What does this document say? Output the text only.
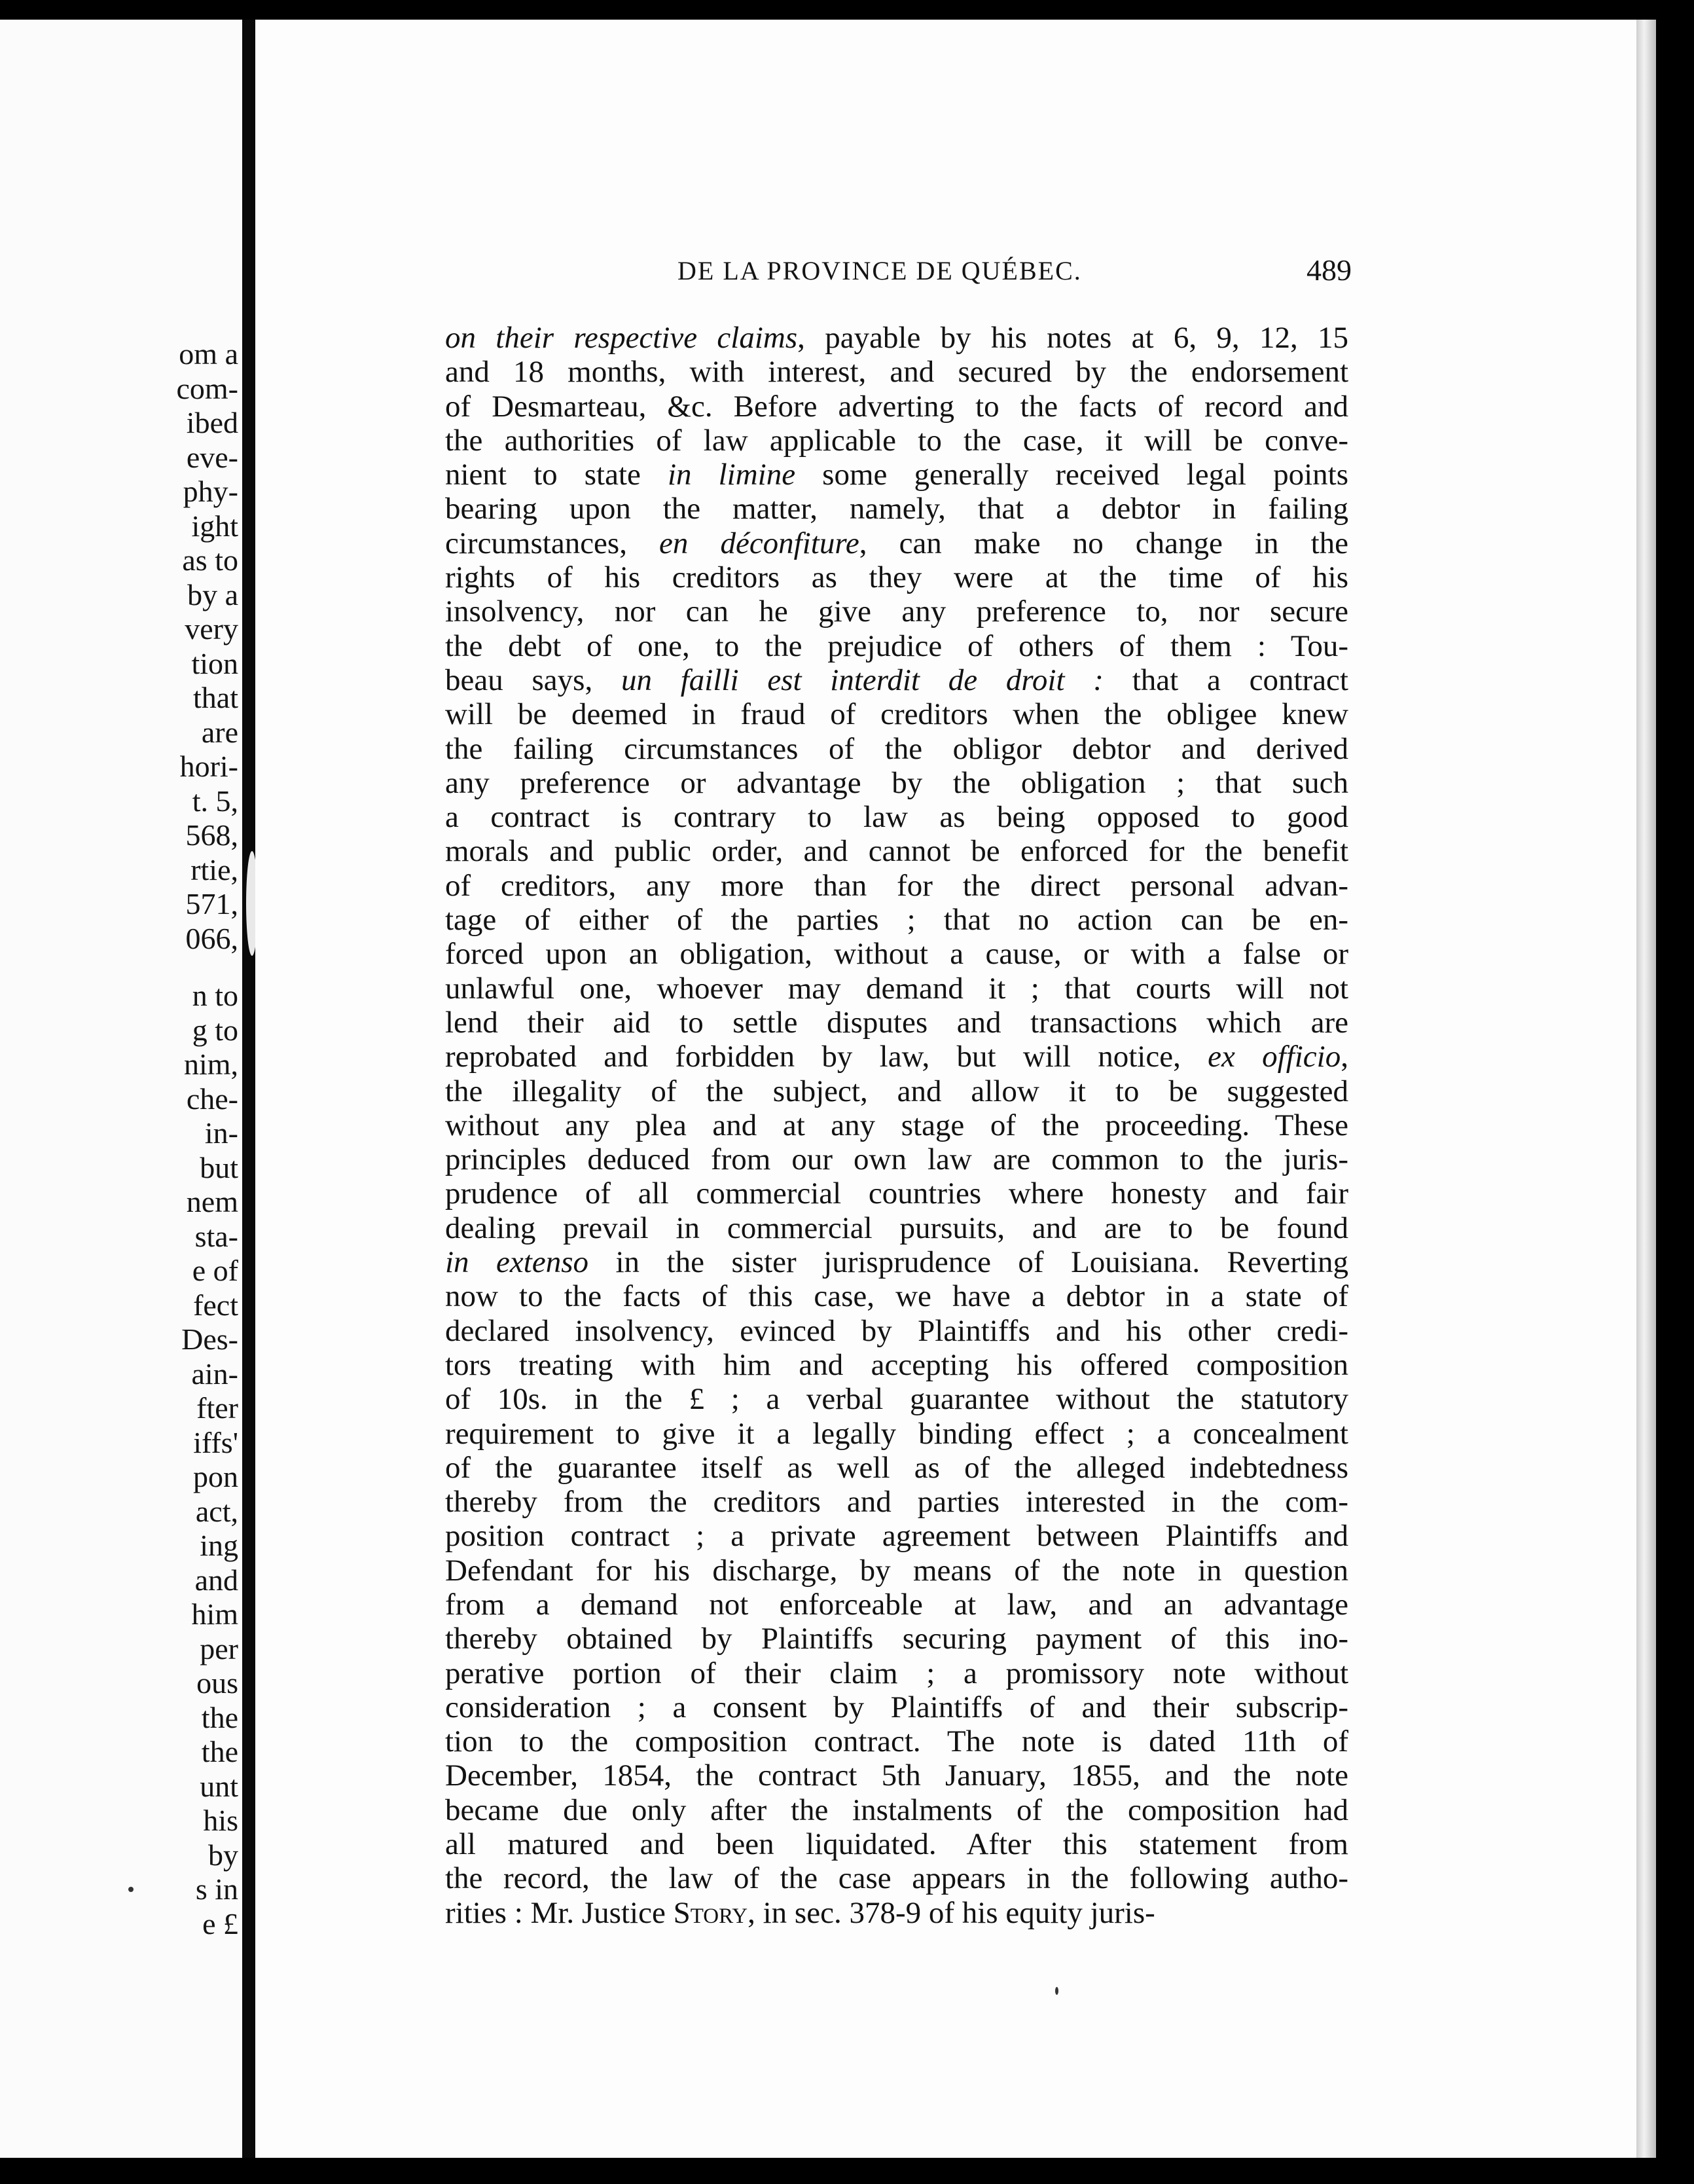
om a
com-
ibed
eve-
phy-
ight
as to
by a
very
tion
that
are
hori-
t. 5,
568,
rtie,
571,
066,
n to
g to
nim,
che-
in-
but
nem
sta-
e of
fect
Des-
ain-
fter
iffs'
pon
act,
ing
and
him
per
ous
the
the
unt
his
by
s in
e £
DE LA PROVINCE DE QUÉBEC.	489
on their respective claims, payable by his notes at 6, 9, 12, 15
and 18 months, with interest, and secured by the endorsement
of Desmarteau, &c. Before adverting to the facts of record and
the authorities of law applicable to the case, it will be conve-
nient to state in limine some generally received legal points
bearing upon the matter, namely, that a debtor in failing
circumstances, en déconfiture, can make no change in the
rights of his creditors as they were at the time of his
insolvency, nor can he give any preference to, nor secure
the debt of one, to the prejudice of others of them : Tou-
beau says, un failli est interdit de droit : that a contract
will be deemed in fraud of creditors when the obligee knew
the failing circumstances of the obligor debtor and derived
any preference or advantage by the obligation ; that such
a contract is contrary to law as being opposed to good
morals and public order, and cannot be enforced for the benefit
of creditors, any more than for the direct personal advan-
tage of either of the parties ; that no action can be en-
forced upon an obligation, without a cause, or with a false or
unlawful one, whoever may demand it ; that courts will not
lend their aid to settle disputes and transactions which are
reprobated and forbidden by law, but will notice, ex officio,
the illegality of the subject, and allow it to be suggested
without any plea and at any stage of the proceeding. These
principles deduced from our own law are common to the juris-
prudence of all commercial countries where honesty and fair
dealing prevail in commercial pursuits, and are to be found
in extenso in the sister jurisprudence of Louisiana. Reverting
now to the facts of this case, we have a debtor in a state of
declared insolvency, evinced by Plaintiffs and his other credi-
tors treating with him and accepting his offered composition
of 10s. in the £ ; a verbal guarantee without the statutory
requirement to give it a legally binding effect ; a concealment
of the guarantee itself as well as of the alleged indebtedness
thereby from the creditors and parties interested in the com-
position contract ; a private agreement between Plaintiffs and
Defendant for his discharge, by means of the note in question
from a demand not enforceable at law, and an advantage
thereby obtained by Plaintiffs securing payment of this ino-
perative portion of their claim ; a promissory note without
consideration ; a consent by Plaintiffs of and their subscrip-
tion to the composition contract. The note is dated 11th of
December, 1854, the contract 5th January, 1855, and the note
became due only after the instalments of the composition had
all matured and been liquidated. After this statement from
the record, the law of the case appears in the following autho-
rities : Mr. Justice Story, in sec. 378-9 of his equity juris-
